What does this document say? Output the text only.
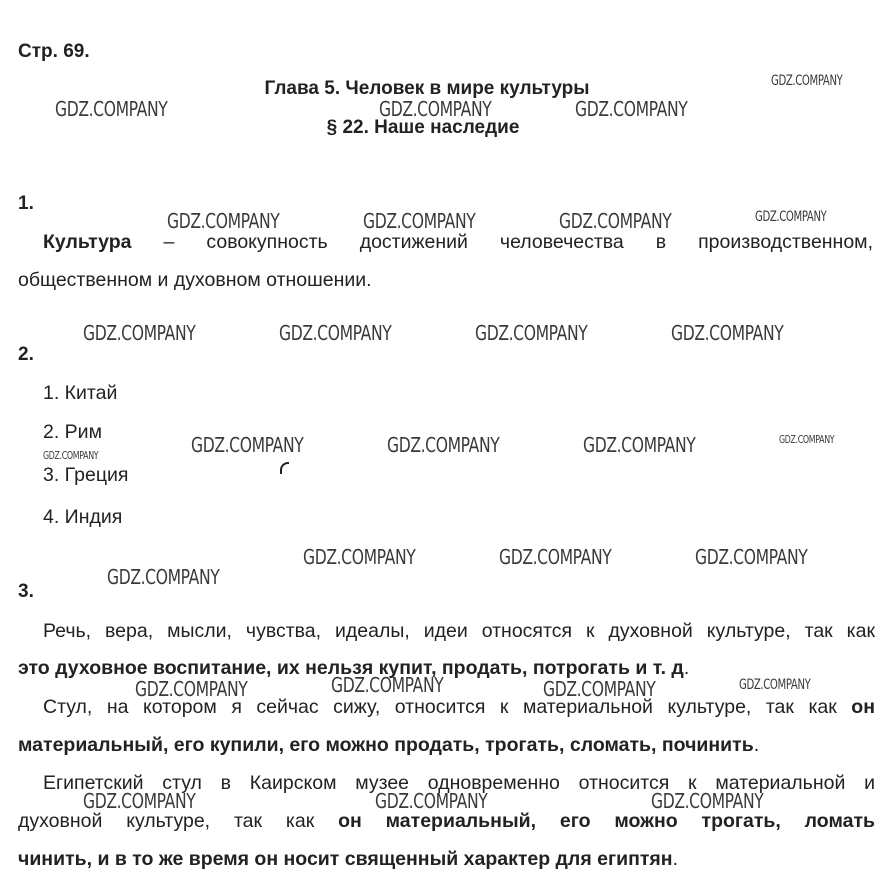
Стр. 69.
Глава 5. Человек в мире культуры
§ 22. Наше наследие
1.
Культура – совокупность достижений человечества в производственном,
общественном и духовном отношении.
2.
1. Китай
2. Рим
3. Греция
4. Индия
3.
Речь, вера, мысли, чувства, идеалы, идеи относятся к духовной культуре, так как
это духовное воспитание, их нельзя купит, продать, потрогать и т. д.
Стул, на котором я сейчас сижу, относится к материальной культуре, так как он
материальный, его купили, его можно продать, трогать, сломать, починить.
Египетский стул в Каирском музее одновременно относится к материальной и
духовной культуре, так как он материальный, его можно трогать, ломать
чинить, и в то же время он носит священный характер для египтян.
GDZ.COMPANY	GDZ.COMPANY	GDZ.COMPANY
GDZ.COMPANY
GDZ.COMPANY	GDZ.COMPANY	GDZ.COMPANY	GDZ.COMPANY
GDZ.COMPANY	GDZ.COMPANY	GDZ.COMPANY	GDZ.COMPANY
GDZ.COMPANY	GDZ.COMPANY	GDZ.COMPANY	GDZ.COMPANY
GDZ.COMPANY
GDZ.COMPANY	GDZ.COMPANY	GDZ.COMPANY
GDZ.COMPANY
GDZ.COMPANY	GDZ.COMPANY	GDZ.COMPANY	GDZ.COMPANY
GDZ.COMPANY	GDZ.COMPANY	GDZ.COMPANY
